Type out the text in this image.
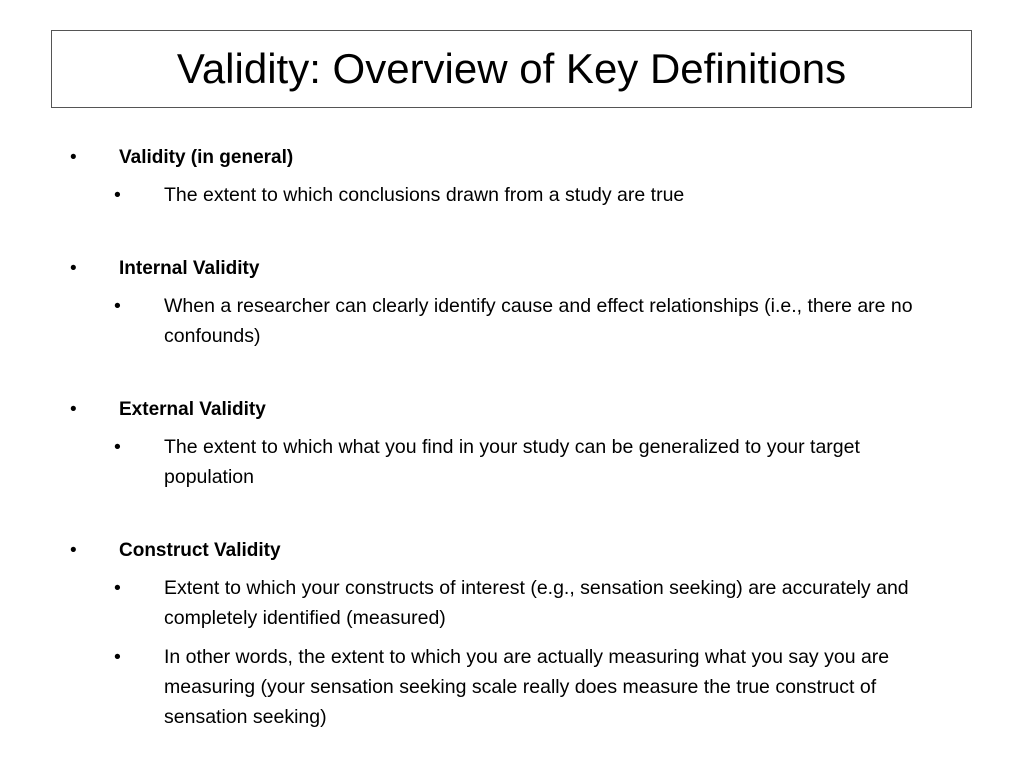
Validity: Overview of Key Definitions
• Validity (in general)
• The extent to which conclusions drawn from a study are true
• Internal Validity
• When a researcher can clearly identify cause and effect relationships (i.e., there are no confounds)
• External Validity
• The extent to which what you find in your study can be generalized to your target population
• Construct Validity
• Extent to which your constructs of interest (e.g., sensation seeking) are accurately and completely identified (measured)
• In other words, the extent to which you are actually measuring what you say you are measuring (your sensation seeking scale really does measure the true construct of sensation seeking)
